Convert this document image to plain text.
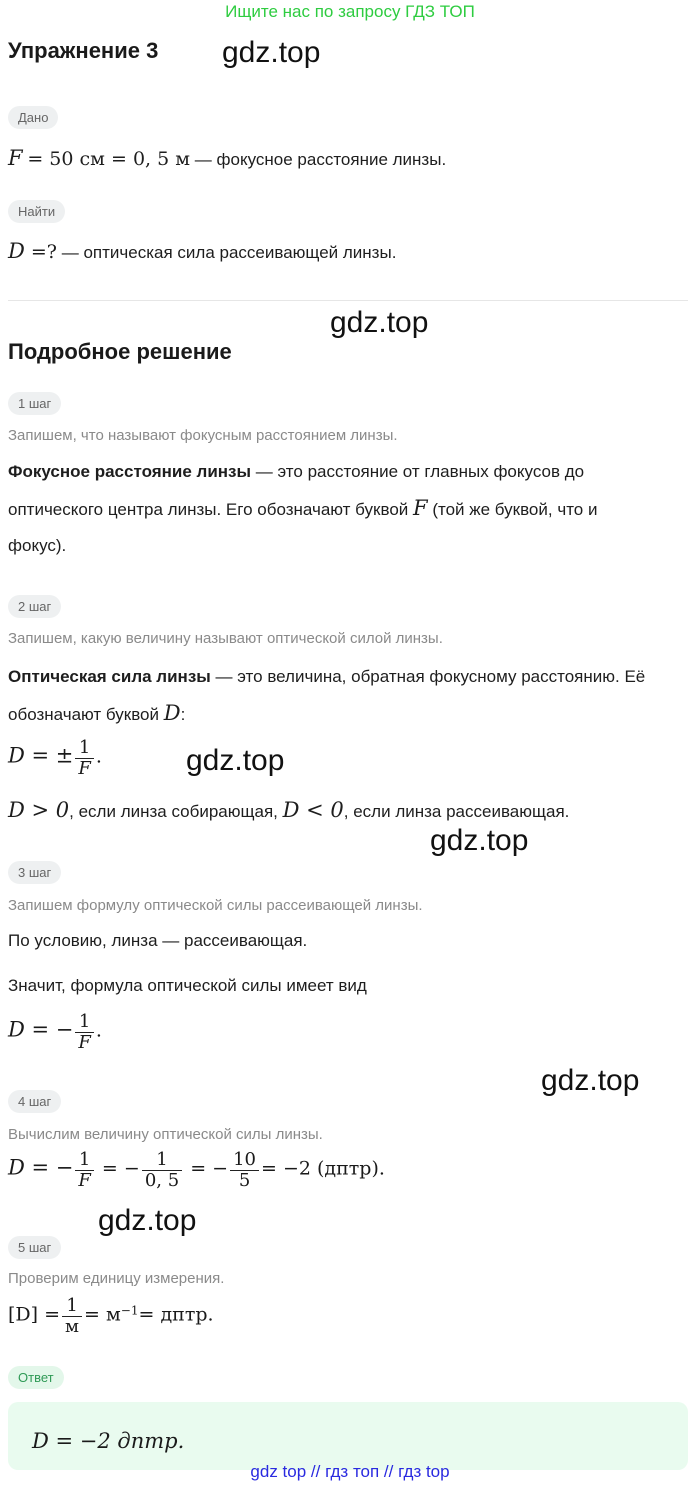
Ищите нас по запросу ГДЗ ТОП
Упражнение 3 gdz.top
Дано
F = 50 см = 0, 5 м — фокусное расстояние линзы.
Найти
D =? — оптическая сила рассеивающей линзы.
gdz.top
Подробное решение
1 шаг
Запишем, что называют фокусным расстоянием линзы.
Фокусное расстояние линзы — это расстояние от главных фокусов до
оптического центра линзы. Его обозначают буквой F (той же буквой, что и
фокус).
2 шаг
Запишем, какую величину называют оптической силой линзы.
Оптическая сила линзы — это величина, обратная фокусному расстоянию. Её
обозначают буквой D:
D = ± $\frac{1}{F}$ .	gdz.top
D > 0, если линза собирающая, D < 0, если линза рассеивающая.
gdz.top
3 шаг
Запишем формулу оптической силы рассеивающей линзы.
По условию, линза — рассеивающая.
Значит, формула оптической силы имеет вид
D = − $\frac{1}{F}$ .
gdz.top
4 шаг
Вычислим величину оптической силы линзы.
D = − $\frac{1}{F}$ = − $\frac{1}{0, 5}$ = − $\frac{10}{5} = -2$ (дптр).
gdz.top
5 шаг
Проверим единицу измерения.
$[D] = \frac{1}{м} = м^{-1}=$ дптр.
Ответ
D = −2 дптр.
gdz top // гдз топ // гдз top
